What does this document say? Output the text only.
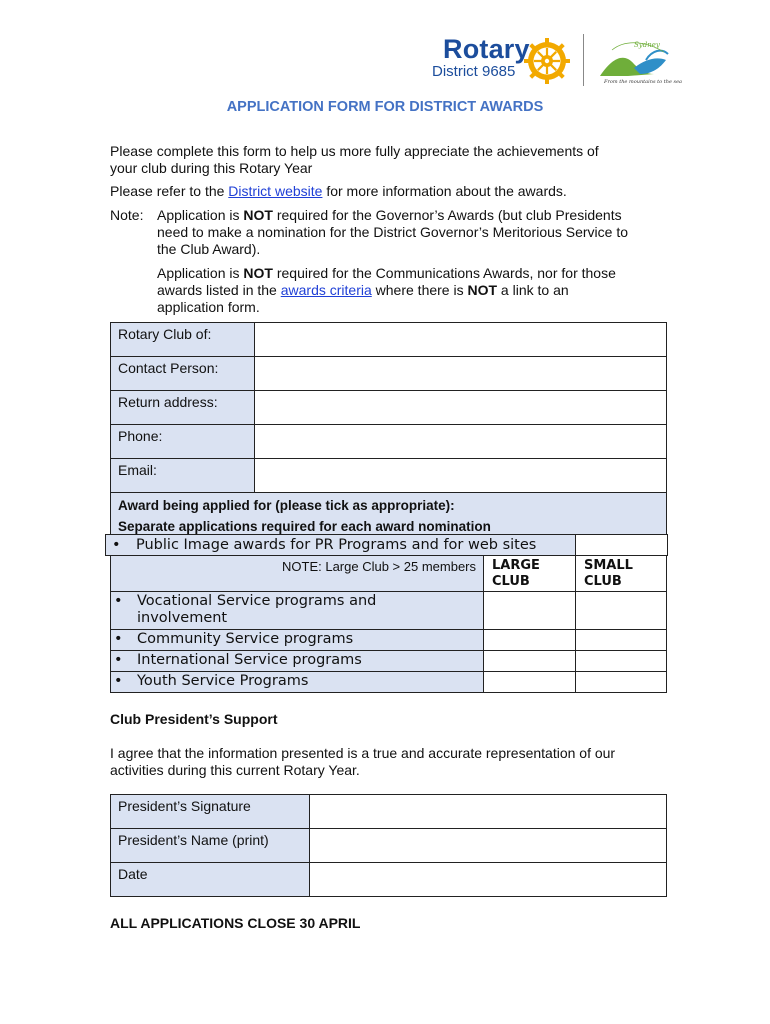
Rotary
District 9685
Sydney
From the mountains to the sea
APPLICATION FORM FOR DISTRICT AWARDS
Please complete this form to help us more fully appreciate the achievements of
your club during this Rotary Year
Please refer to the District website for more information about the awards.
Note: Application is NOT required for the Governor’s Awards (but club Presidents
need to make a nomination for the District Governor’s Meritorious Service to
the Club Award).
Application is NOT required for the Communications Awards, nor for those
awards listed in the awards criteria where there is NOT a link to an
application form.
Rotary Club of:
Contact Person:
Return address:
Phone:
Email:
Award being applied for (please tick as appropriate):
Separate applications required for each award nomination
• Public Image awards for PR Programs and for web sites
NOTE: Large Club > 25 members	LARGE
CLUB
SMALL
CLUB
• Vocational Service programs and
involvement
• Community Service programs
• International Service programs
• Youth Service Programs
Club President’s Support
I agree that the information presented is a true and accurate representation of our
activities during this current Rotary Year.
President’s Signature
President’s Name (print)
Date
ALL APPLICATIONS CLOSE 30 APRIL
